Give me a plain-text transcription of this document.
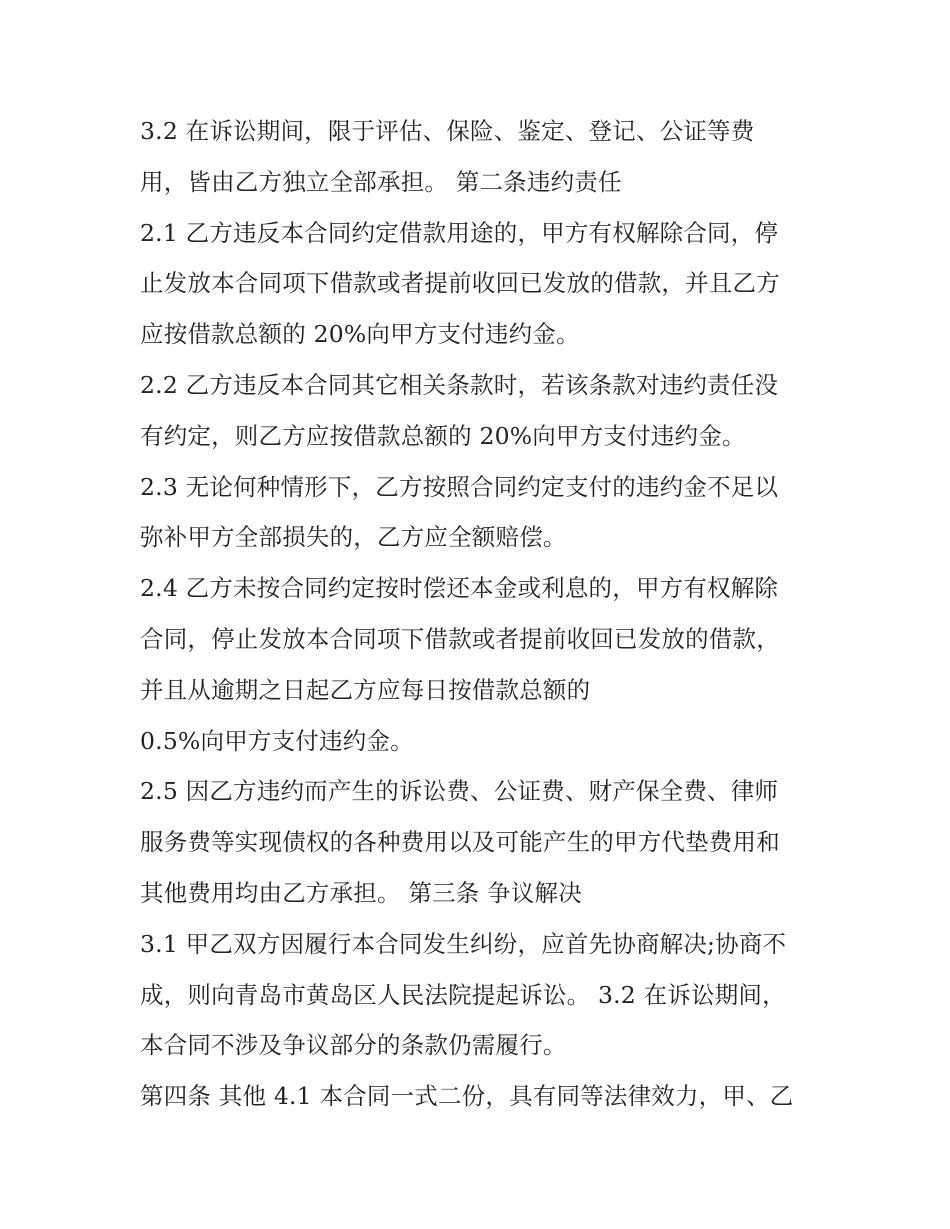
3.2 在诉讼期间，限于评估、保险、鉴定、登记、公证等费
用，皆由乙方独立全部承担。 第二条违约责任
2.1 乙方违反本合同约定借款用途的，甲方有权解除合同，停
止发放本合同项下借款或者提前收回已发放的借款，并且乙方
应按借款总额的 20%向甲方支付违约金。
2.2 乙方违反本合同其它相关条款时，若该条款对违约责任没
有约定，则乙方应按借款总额的 20%向甲方支付违约金。
2.3 无论何种情形下，乙方按照合同约定支付的违约金不足以
弥补甲方全部损失的，乙方应全额赔偿。
2.4 乙方未按合同约定按时偿还本金或利息的，甲方有权解除
合同，停止发放本合同项下借款或者提前收回已发放的借款，
并且从逾期之日起乙方应每日按借款总额的
0.5%向甲方支付违约金。
2.5 因乙方违约而产生的诉讼费、公证费、财产保全费、律师
服务费等实现债权的各种费用以及可能产生的甲方代垫费用和
其他费用均由乙方承担。 第三条 争议解决
3.1 甲乙双方因履行本合同发生纠纷，应首先协商解决;协商不
成，则向青岛市黄岛区人民法院提起诉讼。 3.2 在诉讼期间，
本合同不涉及争议部分的条款仍需履行。
第四条 其他 4.1 本合同一式二份，具有同等法律效力，甲、乙
